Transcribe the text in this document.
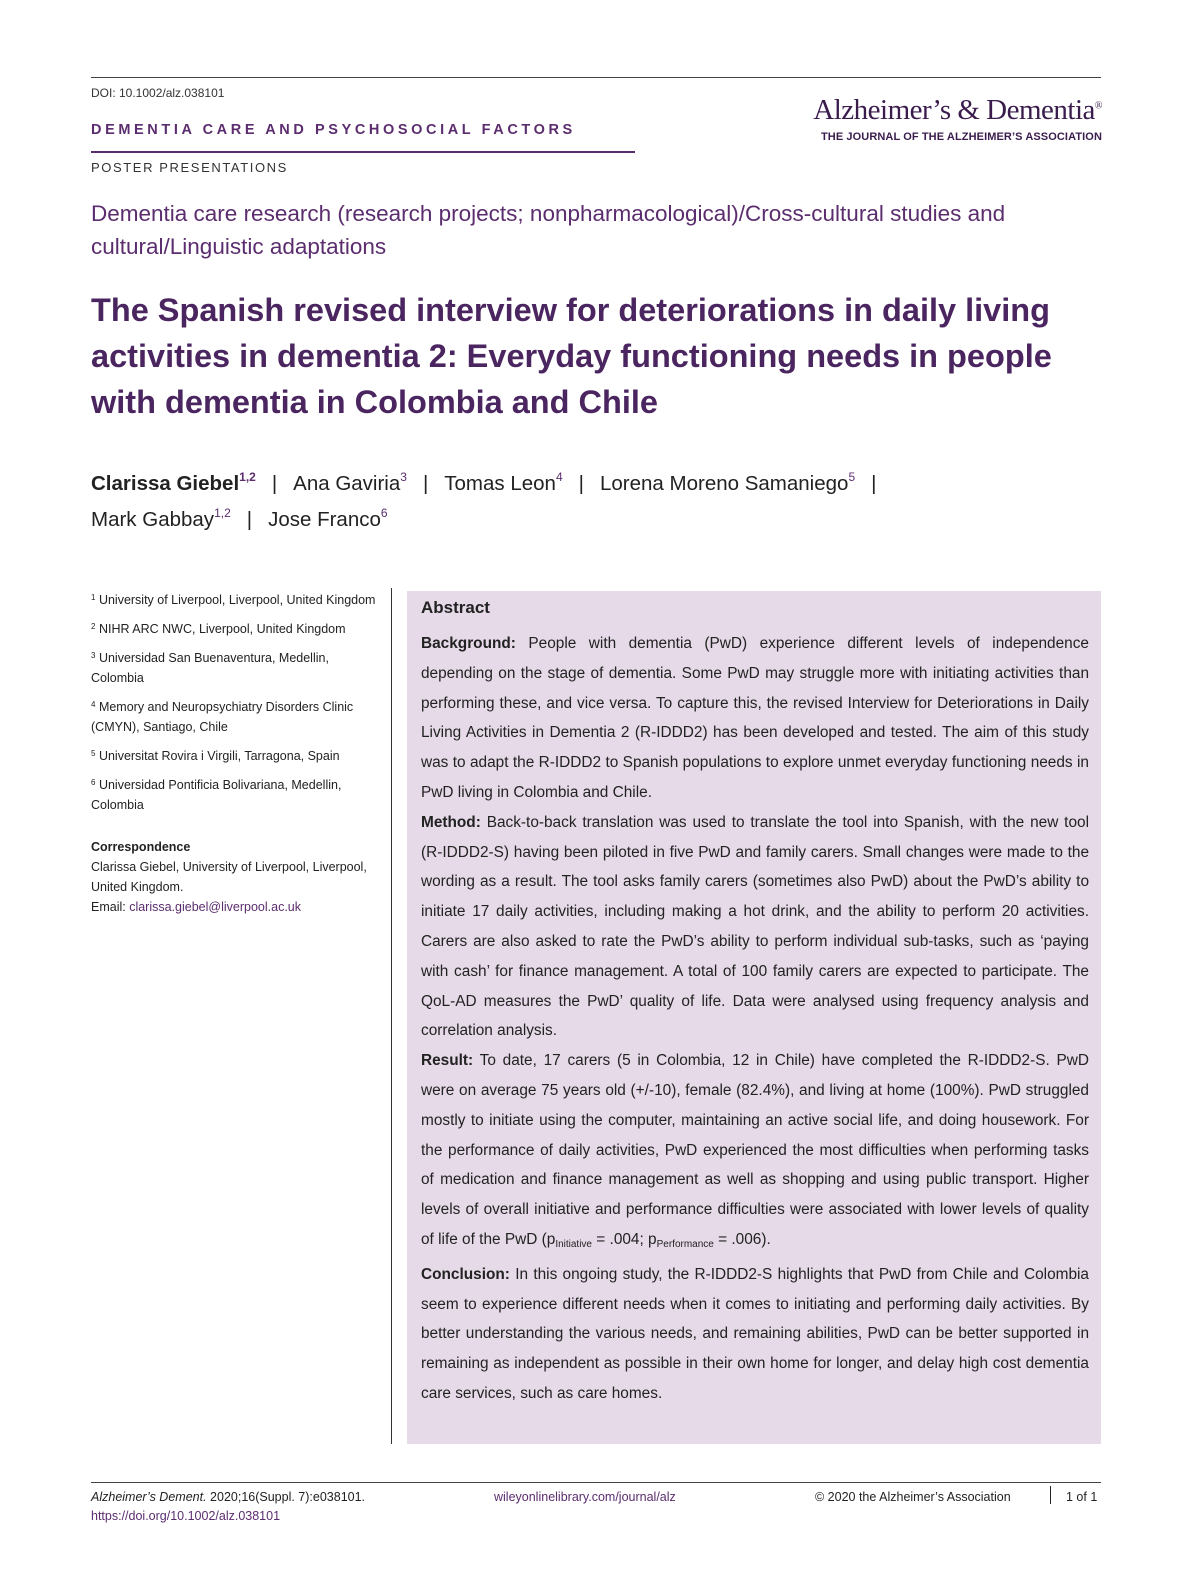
DOI: 10.1002/alz.038101
Alzheimer’s & Dementia®
THE JOURNAL OF THE ALZHEIMER’S ASSOCIATION
DEMENTIA CARE AND PSYCHOSOCIAL FACTORS
POSTER PRESENTATIONS
Dementia care research (research projects; nonpharmacological)/Cross-cultural studies and cultural/Linguistic adaptations
The Spanish revised interview for deteriorations in daily living activities in dementia 2: Everyday functioning needs in people with dementia in Colombia and Chile
Clarissa Giebel$^{1,2}$ | Ana Gaviria$^3$ | Tomas Leon$^4$ | Lorena Moreno Samaniego$^5$ |
Mark Gabbay$^{1,2}$ | Jose Franco$^6$
$^1$ University of Liverpool, Liverpool, United Kingdom
$^2$ NIHR ARC NWC, Liverpool, United Kingdom
$^3$ Universidad San Buenaventura, Medellin, Colombia
$^4$ Memory and Neuropsychiatry Disorders Clinic (CMYN), Santiago, Chile
$^5$ Universitat Rovira i Virgili, Tarragona, Spain
$^6$ Universidad Pontificia Bolivariana, Medellin, Colombia
Correspondence
Clarissa Giebel, University of Liverpool, Liverpool, United Kingdom.
Email: clarissa.giebel@liverpool.ac.uk
Abstract

Background: People with dementia (PwD) experience different levels of independence depending on the stage of dementia. Some PwD may struggle more with initiating activities than performing these, and vice versa. To capture this, the revised Interview for Deteriorations in Daily Living Activities in Dementia 2 (R-IDDD2) has been developed and tested. The aim of this study was to adapt the R-IDDD2 to Spanish populations to explore unmet everyday functioning needs in PwD living in Colombia and Chile.

Method: Back-to-back translation was used to translate the tool into Spanish, with the new tool (R-IDDD2-S) having been piloted in five PwD and family carers. Small changes were made to the wording as a result. The tool asks family carers (sometimes also PwD) about the PwD’s ability to initiate 17 daily activities, including making a hot drink, and the ability to perform 20 activities. Carers are also asked to rate the PwD’s ability to perform individual sub-tasks, such as ‘paying with cash’ for finance management. A total of 100 family carers are expected to participate. The QoL-AD measures the PwD’ quality of life. Data were analysed using frequency analysis and correlation analysis.

Result: To date, 17 carers (5 in Colombia, 12 in Chile) have completed the R-IDDD2-S. PwD were on average 75 years old (+/-10), female (82.4%), and living at home (100%). PwD struggled mostly to initiate using the computer, maintaining an active social life, and doing housework. For the performance of daily activities, PwD experienced the most difficulties when performing tasks of medication and finance management as well as shopping and using public transport. Higher levels of overall initiative and performance difficulties were associated with lower levels of quality of life of the PwD ($p_{Initiative} = .004$; $p_{Performance} = .006$).

Conclusion: In this ongoing study, the R-IDDD2-S highlights that PwD from Chile and Colombia seem to experience different needs when it comes to initiating and performing daily activities. By better understanding the various needs, and remaining abilities, PwD can be better supported in remaining as independent as possible in their own home for longer, and delay high cost dementia care services, such as care homes.

Alzheimer’s Dement. 2020;16(Suppl. 7):e038101.
https://doi.org/10.1002/alz.038101
wileyonlinelibrary.com/journal/alz	© 2020 the Alzheimer’s Association	1 of 1
